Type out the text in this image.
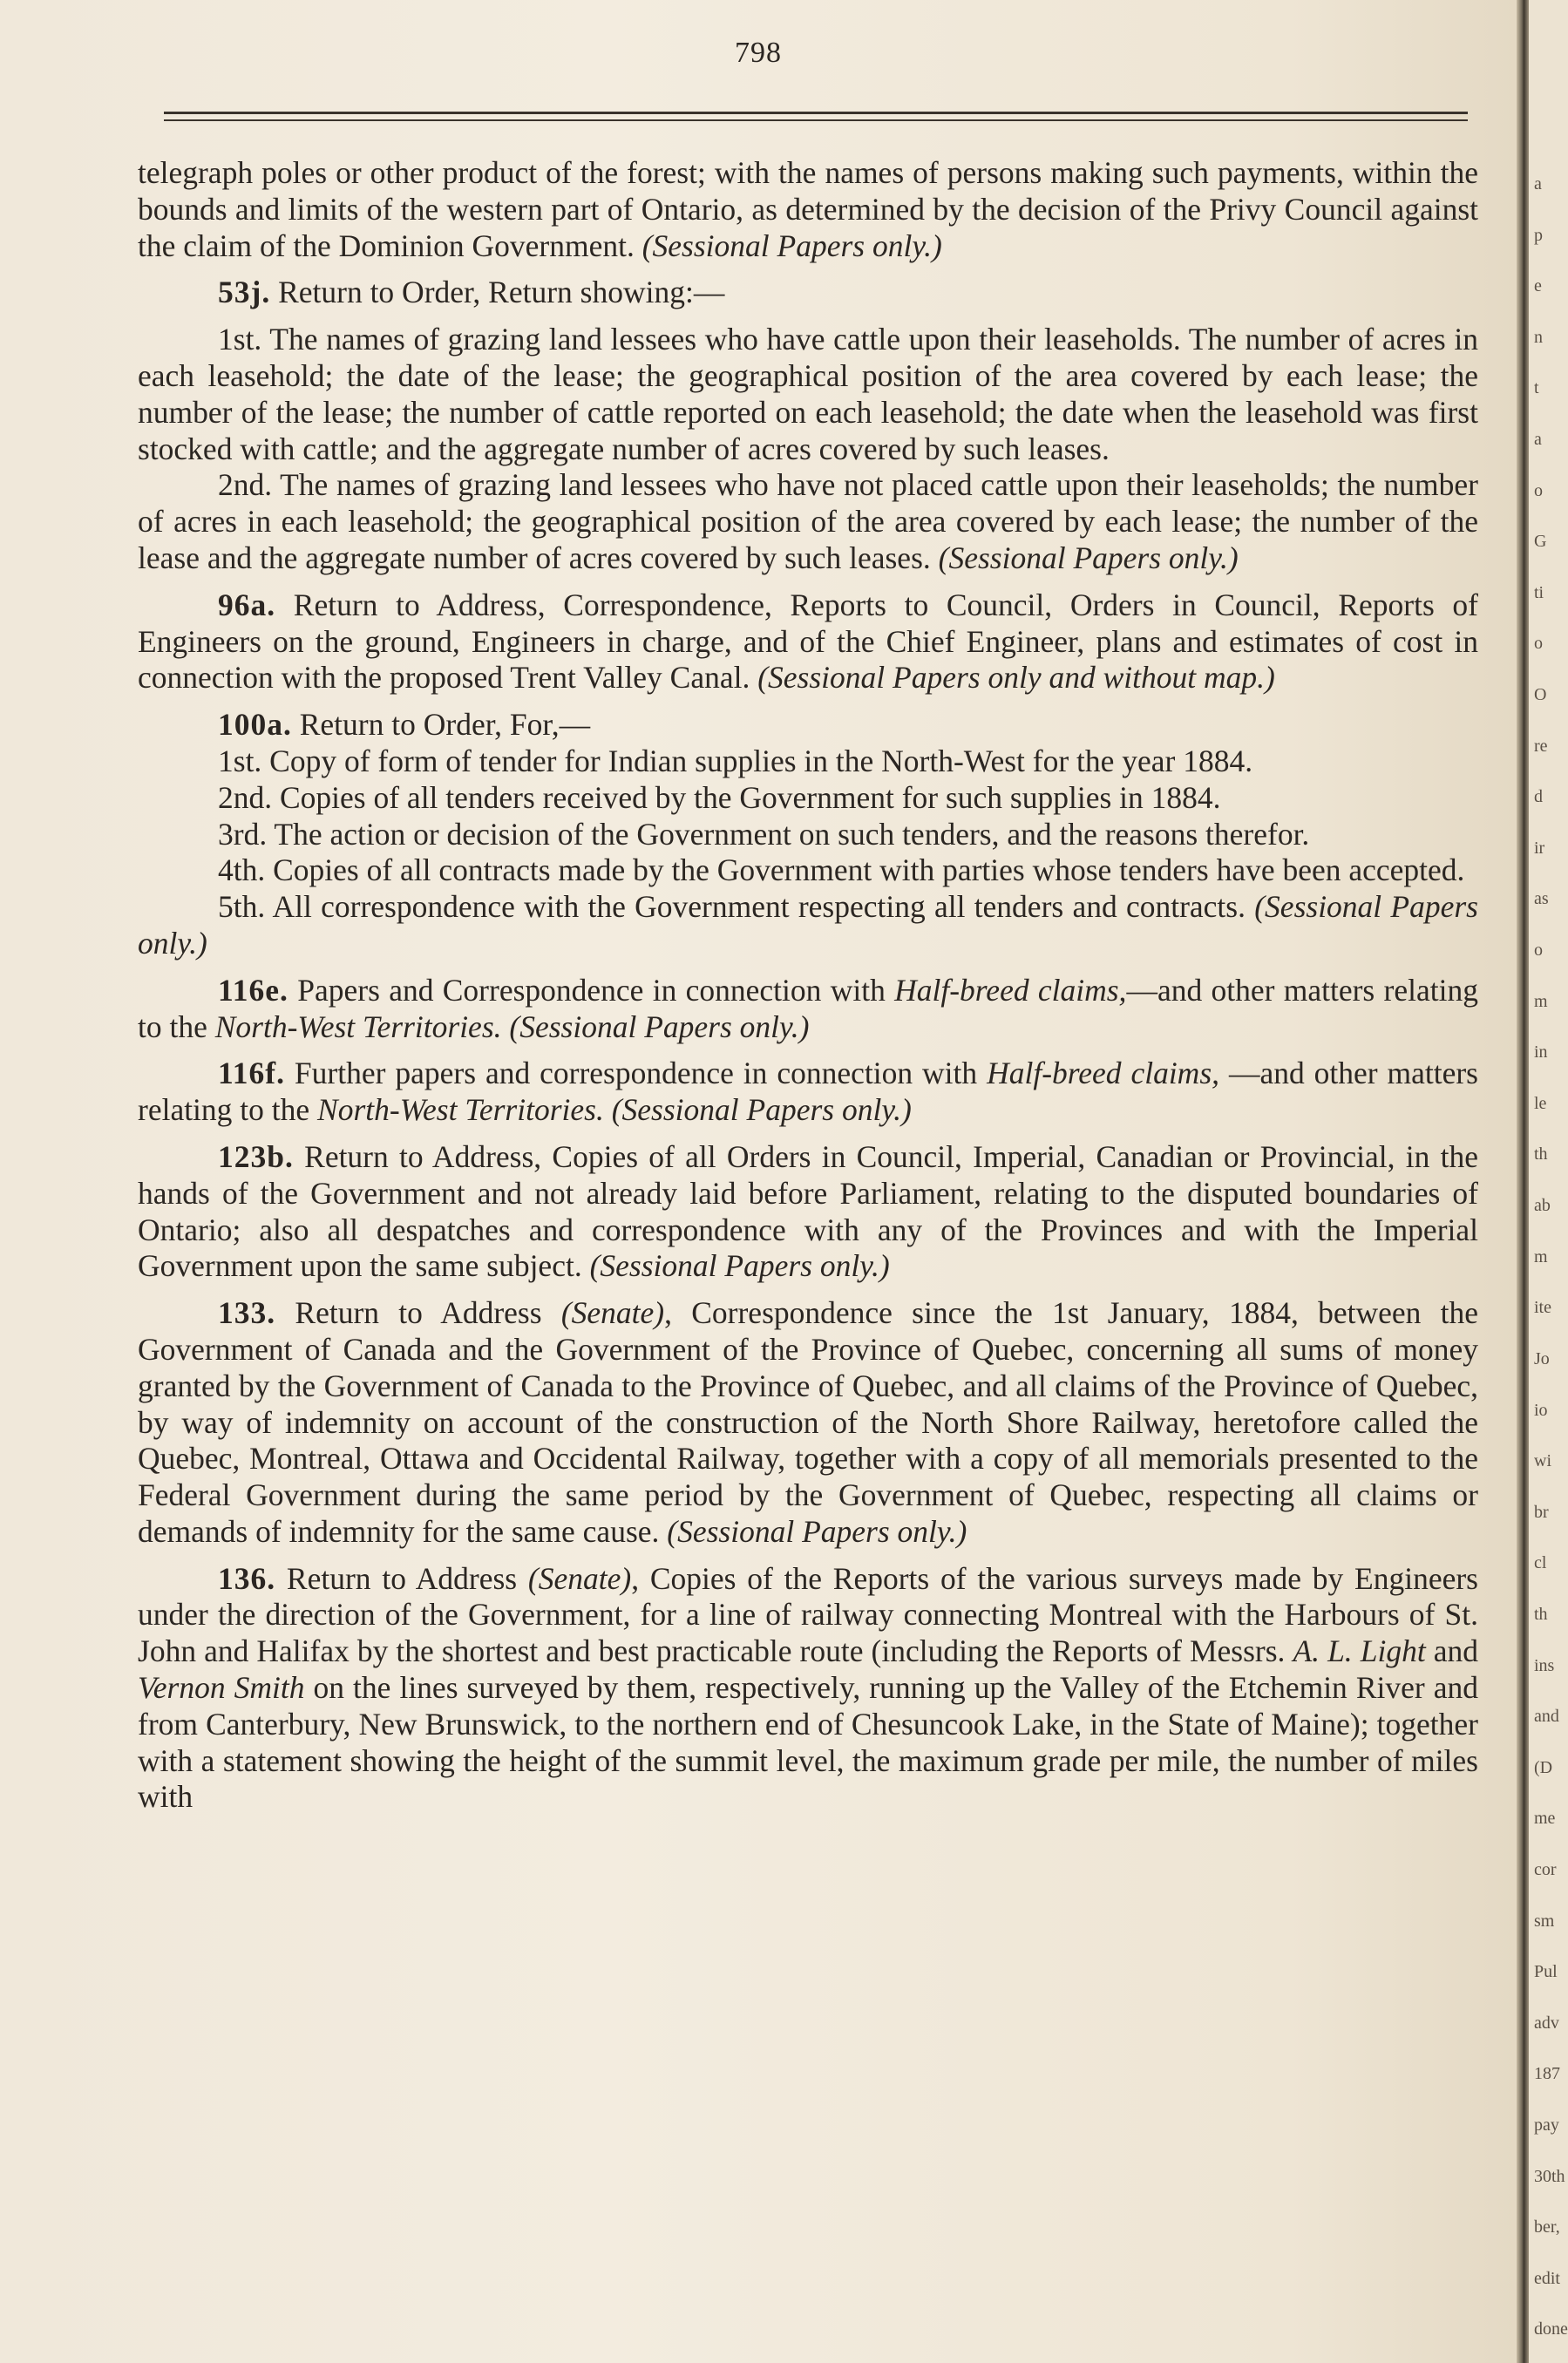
798

telegraph poles or other product of the forest; with the names of persons making such payments, within the bounds and limits of the western part of Ontario, as determined by the decision of the Privy Council against the claim of the Dominion Government. (Sessional Papers only.)

53j. Return to Order, Return showing:—

1st. The names of grazing land lessees who have cattle upon their leaseholds. The number of acres in each leasehold; the date of the lease; the geographical position of the area covered by each lease; the number of the lease; the number of cattle reported on each leasehold; the date when the leasehold was first stocked with cattle; and the aggregate number of acres covered by such leases.

2nd. The names of grazing land lessees who have not placed cattle upon their leaseholds; the number of acres in each leasehold; the geographical position of the area covered by each lease; the number of the lease and the aggregate number of acres covered by such leases. (Sessional Papers only.)

96a. Return to Address, Correspondence, Reports to Council, Orders in Council, Reports of Engineers on the ground, Engineers in charge, and of the Chief Engineer, plans and estimates of cost in connection with the proposed Trent Valley Canal. (Sessional Papers only and without map.)

100a. Return to Order, For,—

1st. Copy of form of tender for Indian supplies in the North-West for the year 1884.

2nd. Copies of all tenders received by the Government for such supplies in 1884.

3rd. The action or decision of the Government on such tenders, and the reasons therefor.

4th. Copies of all contracts made by the Government with parties whose tenders have been accepted.

5th. All correspondence with the Government respecting all tenders and contracts. (Sessional Papers only.)

116e. Papers and Correspondence in connection with Half-breed claims,—and other matters relating to the North-West Territories. (Sessional Papers only.)

116f. Further papers and correspondence in connection with Half-breed claims, —and other matters relating to the North-West Territories. (Sessional Papers only.)

123b. Return to Address, Copies of all Orders in Council, Imperial, Canadian or Provincial, in the hands of the Government and not already laid before Parliament, relating to the disputed boundaries of Ontario; also all despatches and correspondence with any of the Provinces and with the Imperial Government upon the same subject. (Sessional Papers only.)

133. Return to Address (Senate), Correspondence since the 1st January, 1884, between the Government of Canada and the Government of the Province of Quebec, concerning all sums of money granted by the Government of Canada to the Province of Quebec, and all claims of the Province of Quebec, by way of indemnity on account of the construction of the North Shore Railway, heretofore called the Quebec, Montreal, Ottawa and Occidental Railway, together with a copy of all memorials presented to the Federal Government during the same period by the Government of Quebec, respecting all claims or demands of indemnity for the same cause. (Sessional Papers only.)

136. Return to Address (Senate), Copies of the Reports of the various surveys made by Engineers under the direction of the Government, for a line of railway connecting Montreal with the Harbours of St. John and Halifax by the shortest and best practicable route (including the Reports of Messrs. A. L. Light and Vernon Smith on the lines surveyed by them, respectively, running up the Valley of the Etchemin River and from Canterbury, New Brunswick, to the northern end of Chesuncook Lake, in the State of Maine); together with a statement showing the height of the summit level, the maximum grade per mile, the number of miles with

a
p
e
n
t
a
o
G
ti
o
O
re
d
ir
as
o
m
in
le
th
ab
m
ite
Jo
io
wi
br
cl
th
ins
and
(D
me
cor
sm
Pul
adv
187
pay
30th
ber,
edit
done
